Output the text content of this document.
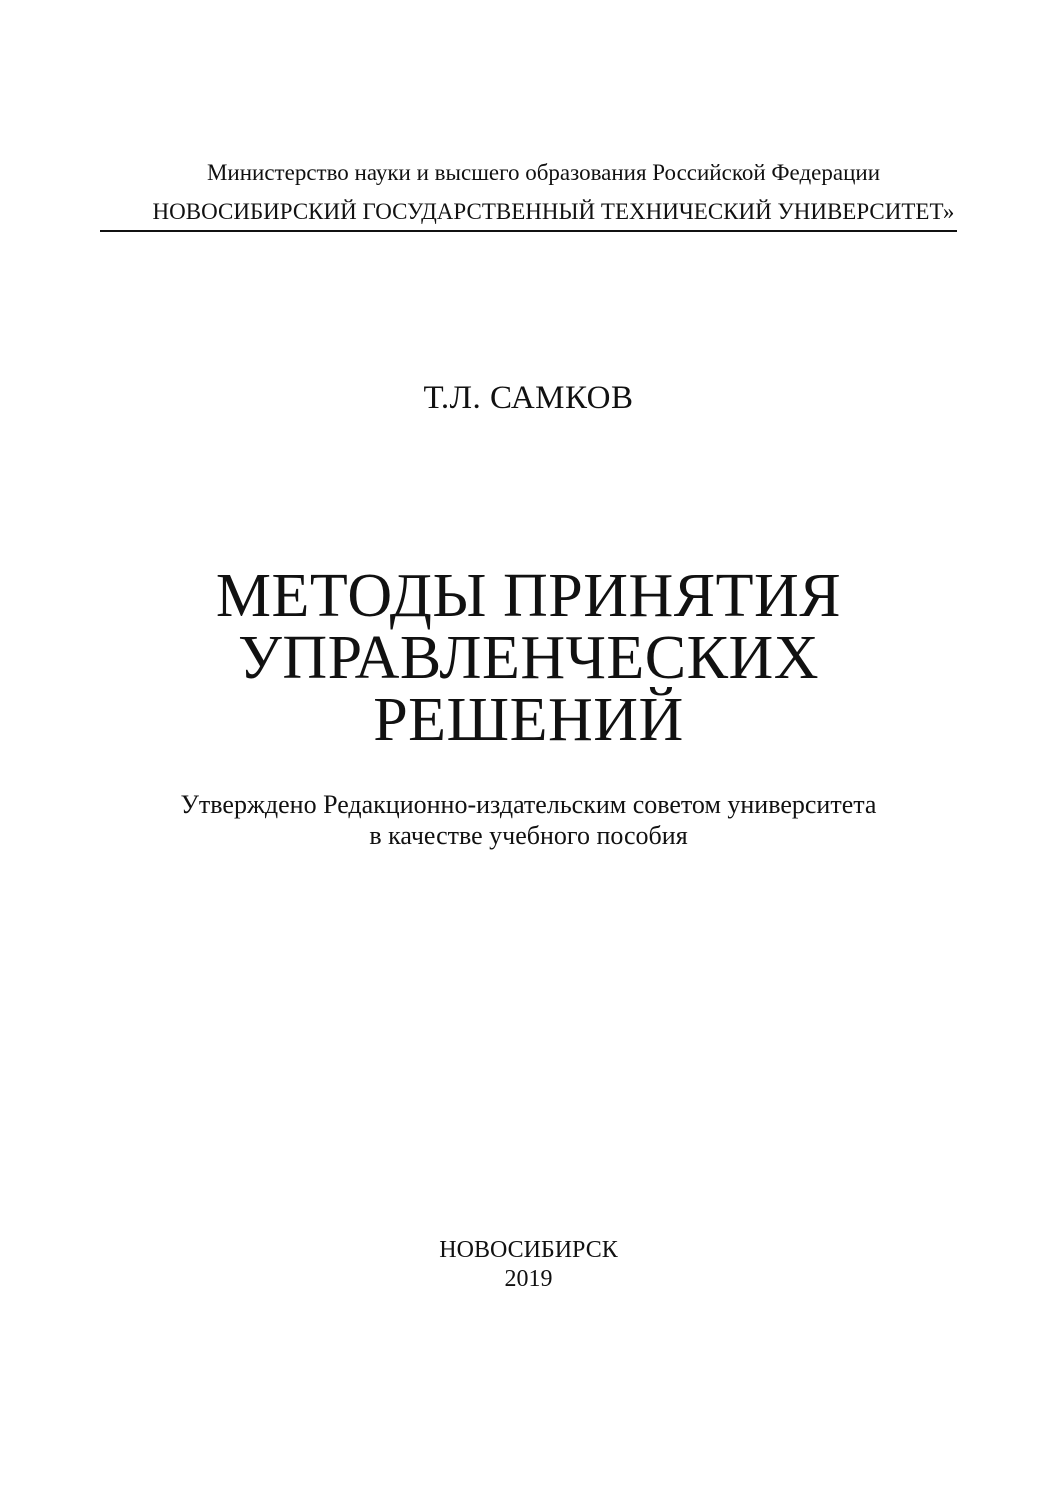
Министерство науки и высшего образования Российской Федерации
НОВОСИБИРСКИЙ ГОСУДАРСТВЕННЫЙ ТЕХНИЧЕСКИЙ УНИВЕРСИТЕТ»
Т.Л. САМКОВ
МЕТОДЫ ПРИНЯТИЯ
УПРАВЛЕНЧЕСКИХ
РЕШЕНИЙ
Утверждено Редакционно-издательским советом университета
в качестве учебного пособия
НОВОСИБИРСК
2019
